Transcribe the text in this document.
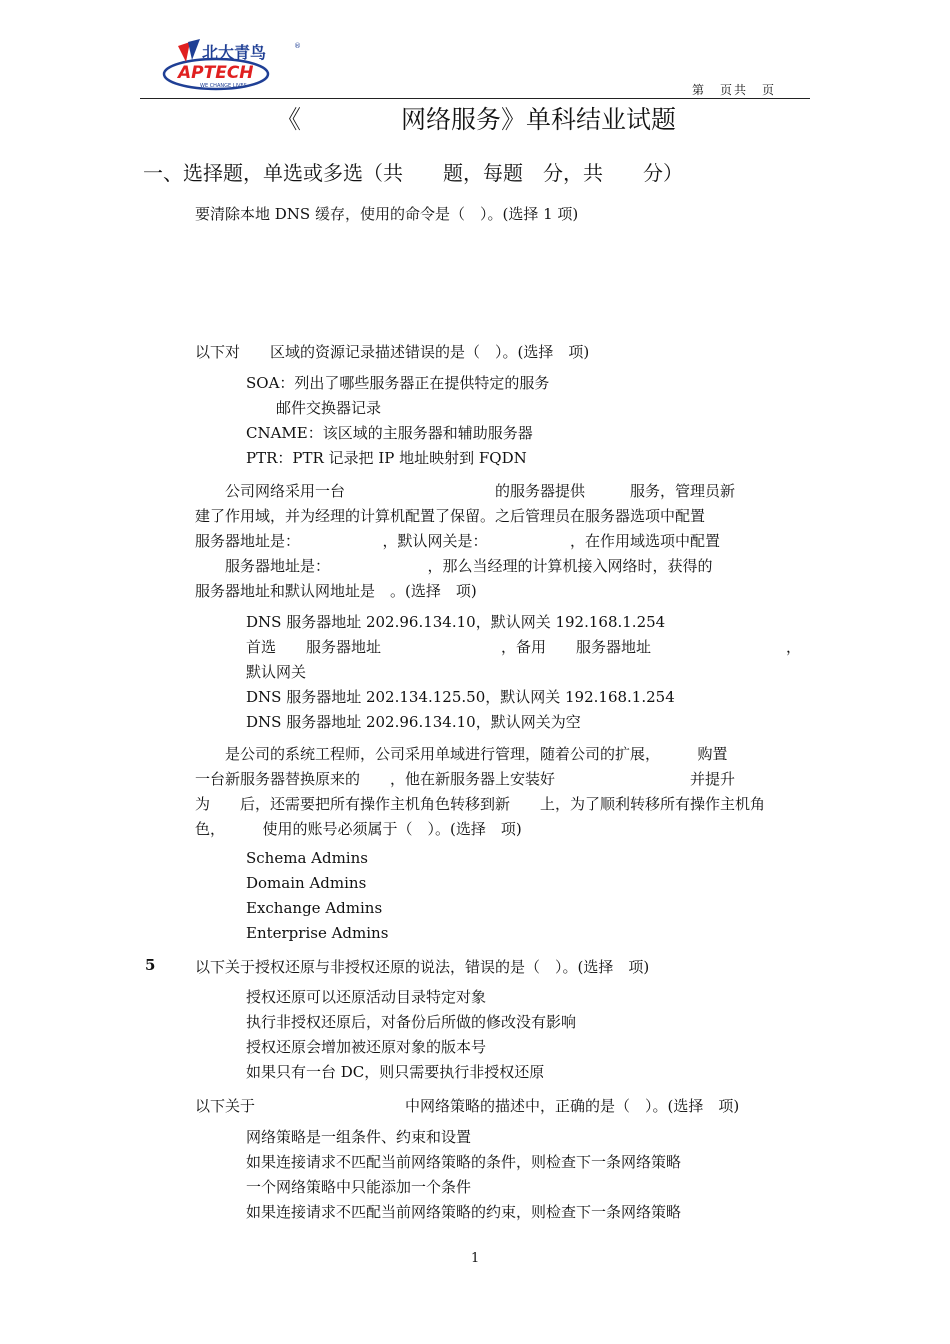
北大青鸟	®
APTECH
WE CHANGE LIVES	第　页共　页
《　　　　网络服务》单科结业试题
一、选择题，单选或多选（共　　题，每题　分，共　　分）
要清除本地 DNS 缓存，使用的命令是（　）。(选择 1 项)
以下对　　区域的资源记录描述错误的是（　）。(选择　项)
SOA：列出了哪些服务器正在提供特定的服务
　　邮件交换器记录
CNAME：该区域的主服务器和辅助服务器
PTR：PTR 记录把 IP 地址映射到 FQDN
　　公司网络采用一台　　　　　　　　　　的服务器提供　　　服务，管理员新
建了作用域，并为经理的计算机配置了保留。之后管理员在服务器选项中配置
服务器地址是：　　　　　　，默认网关是：　　　　　　，在作用域选项中配置
　　服务器地址是：　　　　　　　，那么当经理的计算机接入网络时，获得的
服务器地址和默认网地址是　。(选择　项)
DNS 服务器地址 202.96.134.10，默认网关 192.168.1.254
首选　　服务器地址　　　　　　　　，备用　　服务器地址　　　　　　　　　，
默认网关
DNS 服务器地址 202.134.125.50，默认网关 192.168.1.254
DNS 服务器地址 202.96.134.10，默认网关为空
　　是公司的系统工程师，公司采用单域进行管理，随着公司的扩展，　　　购置
一台新服务器替换原来的　　，他在新服务器上安装好　　　　　　　　　并提升
为　　后，还需要把所有操作主机角色转移到新　　上，为了顺利转移所有操作主机角
色，　　　使用的账号必须属于（　）。(选择　项)
Schema Admins
Domain Admins
Exchange Admins
Enterprise Admins
5	以下关于授权还原与非授权还原的说法，错误的是（　）。(选择　项)
授权还原可以还原活动目录特定对象
执行非授权还原后，对备份后所做的修改没有影响
授权还原会增加被还原对象的版本号
如果只有一台 DC，则只需要执行非授权还原
以下关于　　　　　　　　　　中网络策略的描述中，正确的是（　）。(选择　项)
网络策略是一组条件、约束和设置
如果连接请求不匹配当前网络策略的条件，则检查下一条网络策略
一个网络策略中只能添加一个条件
如果连接请求不匹配当前网络策略的约束，则检查下一条网络策略
1
